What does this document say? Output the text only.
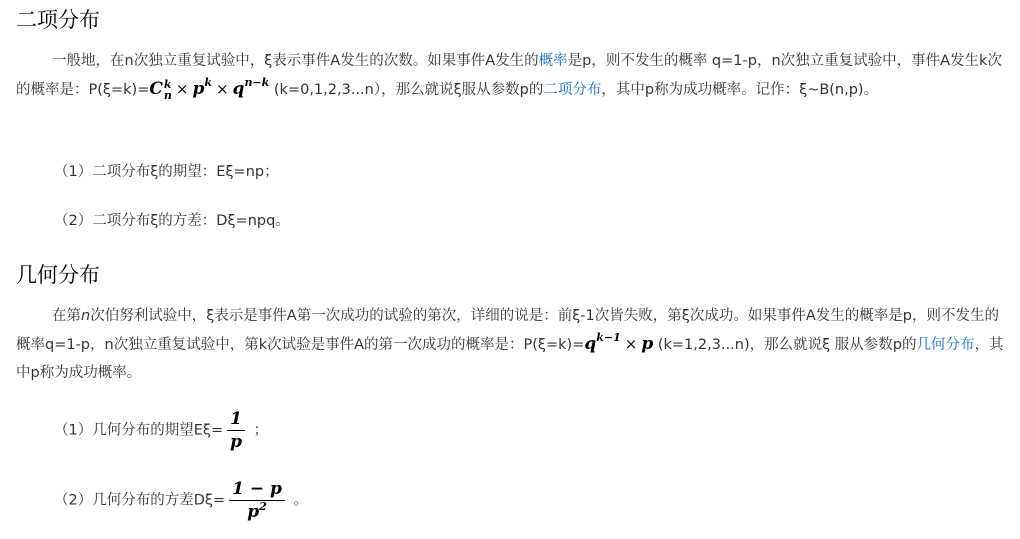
二项分布

一般地，在n次独立重复试验中，ξ表示事件A发生的次数。如果事件A发生的概率是p，则不发生的概率 q=1-p，n次独立重复试验中，事件A发生k次的概率是：P(ξ=k)=C k
$n \times p^k \times q^{n-k}$ (k=0,1,2,3...n），那么就说ξ服从参数p的二项分布，其中p称为成功概率。记作：ξ~B(n,p)。

（1）二项分布ξ的期望：Eξ=np；

（2）二项分布ξ的方差：Dξ=npq。

几何分布

在第n次伯努利试验中，ξ表示是事件A第一次成功的试验的第次，详细的说是：前ξ-1次皆失败，第ξ次成功。如果事件A发生的概率是p，则不发生的概率q=1-p，n次独立重复试验中，第k次试验是事件A的第一次成功的概率是：$P(\xi=k)=q^{k-1} \times p$ (k=1,2,3...n)，那么就说ξ 服从参数p的几何分布，其中p称为成功概率。

（1）几何分布的期望$E\xi= \frac{1}{p}$ ；
（2）几何分布的方差$D\xi= \frac{1 - p}{p^2}$ 。
